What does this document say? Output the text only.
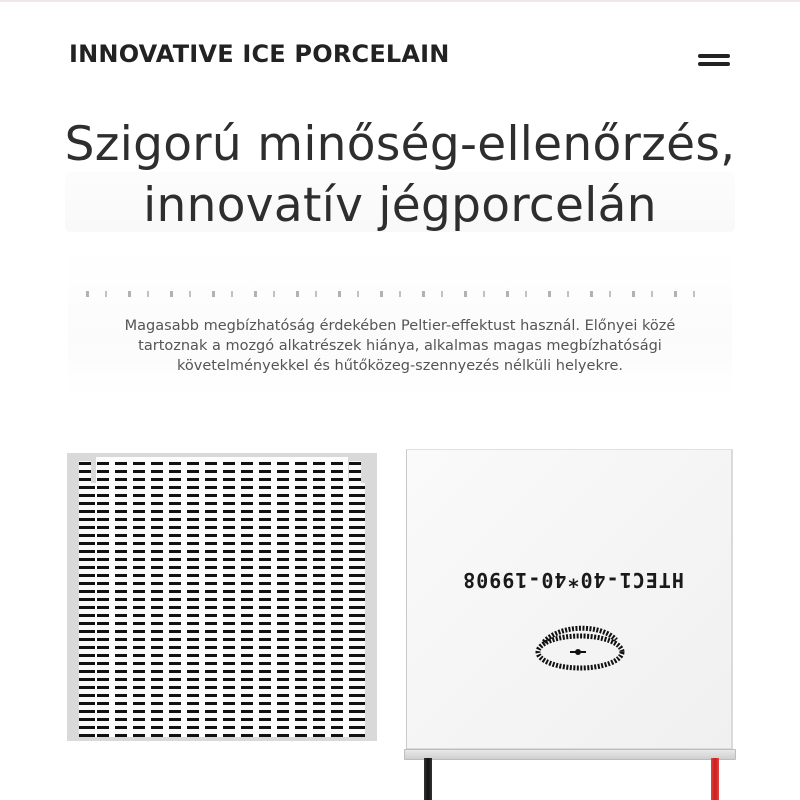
INNOVATIVE ICE PORCELAIN
Szigorú minőség-ellenőrzés,
innovatív jégporcelán
Magasabb megbízhatóság érdekében Peltier-effektust használ. Előnyei közé
tartoznak a mozgó alkatrészek hiánya, alkalmas magas megbízhatósági
követelményekkel és hűtőközeg-szennyezés nélküli helyekre.
HTEC1-40*40-19908
